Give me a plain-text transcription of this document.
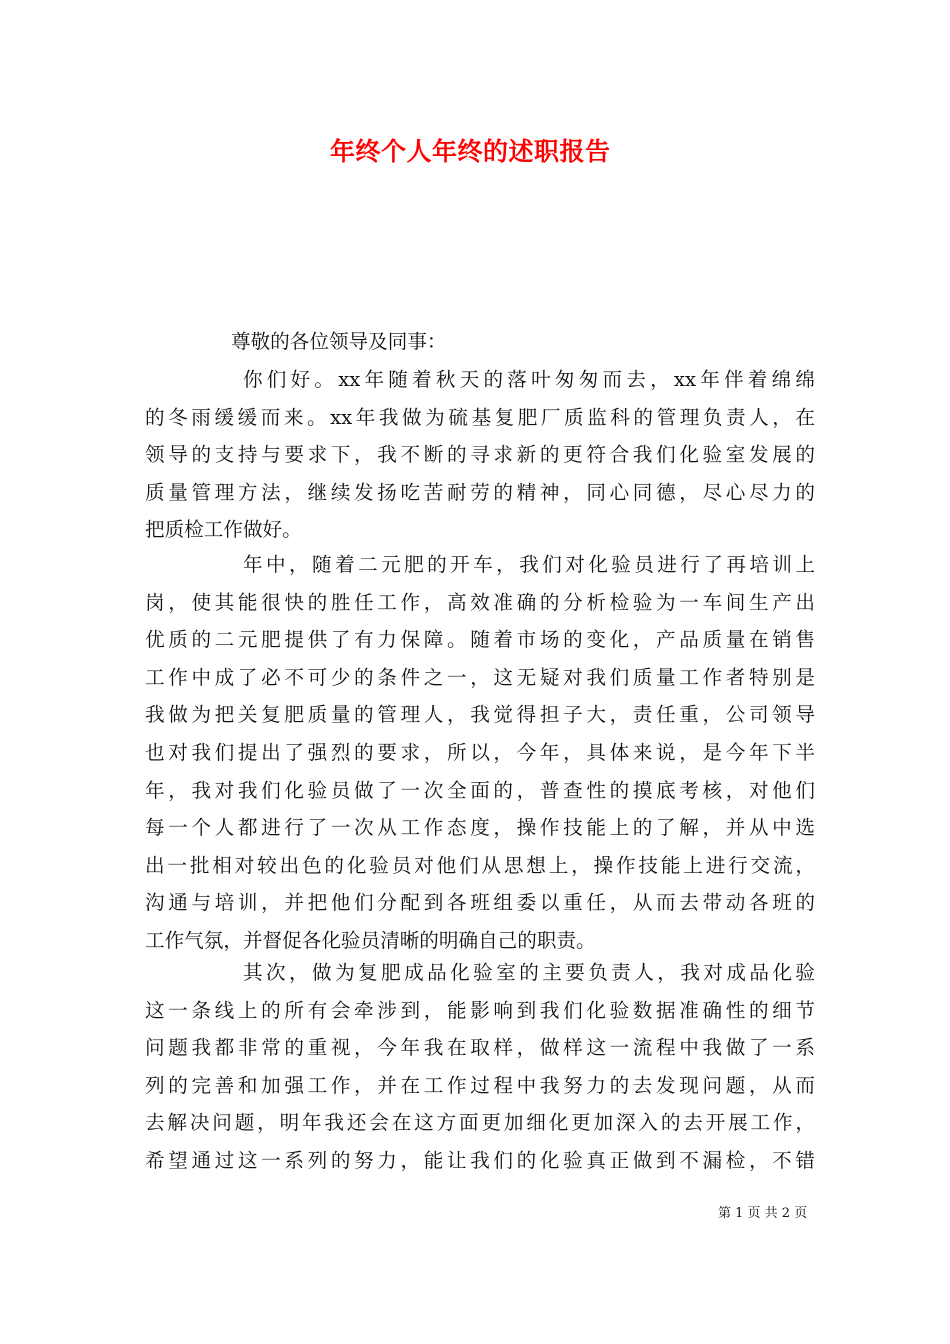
年终个人年终的述职报告
尊敬的各位领导及同事：
你们好。xx年随着秋天的落叶匆匆而去，xx年伴着绵绵
的冬雨缓缓而来。xx年我做为硫基复肥厂质监科的管理负责人，在
领导的支持与要求下，我不断的寻求新的更符合我们化验室发展的
质量管理方法，继续发扬吃苦耐劳的精神，同心同德，尽心尽力的
把质检工作做好。
年中，随着二元肥的开车，我们对化验员进行了再培训上
岗，使其能很快的胜任工作，高效准确的分析检验为一车间生产出
优质的二元肥提供了有力保障。随着市场的变化，产品质量在销售
工作中成了必不可少的条件之一，这无疑对我们质量工作者特别是
我做为把关复肥质量的管理人，我觉得担子大，责任重，公司领导
也对我们提出了强烈的要求，所以，今年，具体来说，是今年下半
年，我对我们化验员做了一次全面的，普查性的摸底考核，对他们
每一个人都进行了一次从工作态度，操作技能上的了解，并从中选
出一批相对较出色的化验员对他们从思想上，操作技能上进行交流，
沟通与培训，并把他们分配到各班组委以重任，从而去带动各班的
工作气氛，并督促各化验员清晰的明确自己的职责。
其次，做为复肥成品化验室的主要负责人，我对成品化验
这一条线上的所有会牵涉到，能影响到我们化验数据准确性的细节
问题我都非常的重视，今年我在取样，做样这一流程中我做了一系
列的完善和加强工作，并在工作过程中我努力的去发现问题，从而
去解决问题，明年我还会在这方面更加细化更加深入的去开展工作，
希望通过这一系列的努力，能让我们的化验真正做到不漏检，不错
第 1 页 共 2 页
